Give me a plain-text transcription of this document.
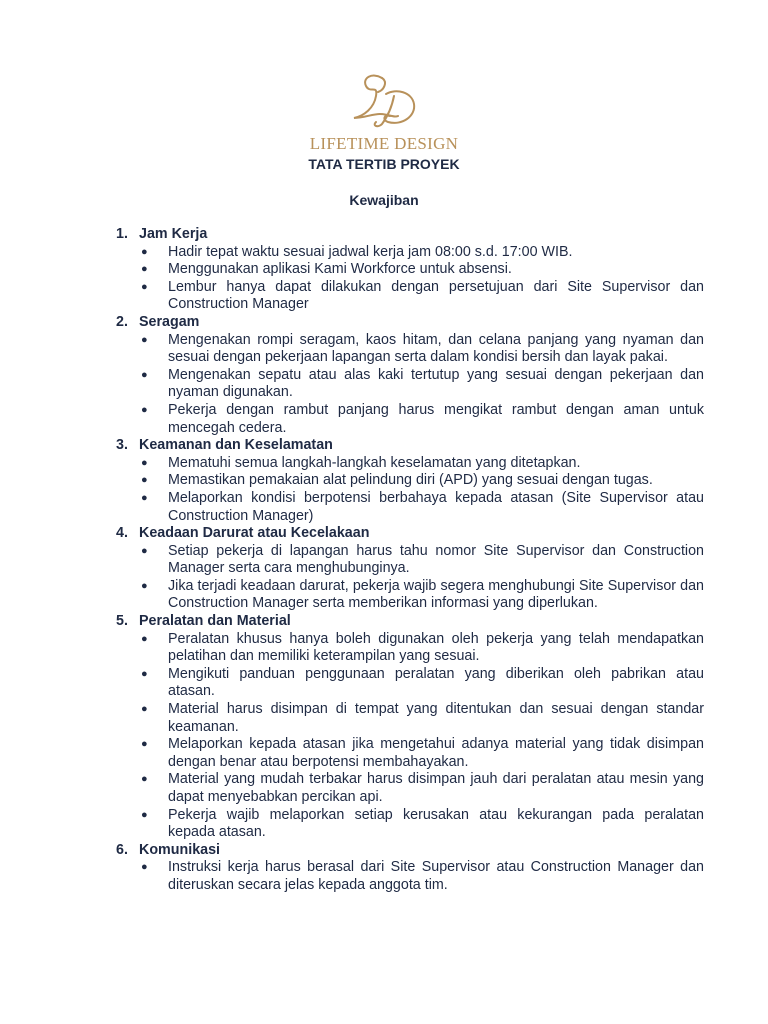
LIFETIME DESIGN
TATA TERTIB PROYEK
Kewajiban
1. Jam Kerja
●	Hadir tepat waktu sesuai jadwal kerja jam 08:00 s.d. 17:00 WIB.
●	Menggunakan aplikasi Kami Workforce untuk absensi.
●	Lembur hanya dapat dilakukan dengan persetujuan dari Site Supervisor dan Construction Manager
2. Seragam
●	Mengenakan rompi seragam, kaos hitam, dan celana panjang yang nyaman dan sesuai dengan pekerjaan lapangan serta dalam kondisi bersih dan layak pakai.
●	Mengenakan sepatu atau alas kaki tertutup yang sesuai dengan pekerjaan dan nyaman digunakan.
●	Pekerja dengan rambut panjang harus mengikat rambut dengan aman untuk mencegah cedera.
3. Keamanan dan Keselamatan
●	Mematuhi semua langkah-langkah keselamatan yang ditetapkan.
●	Memastikan pemakaian alat pelindung diri (APD) yang sesuai dengan tugas.
●	Melaporkan kondisi berpotensi berbahaya kepada atasan (Site Supervisor atau Construction Manager)
4. Keadaan Darurat atau Kecelakaan
●	Setiap pekerja di lapangan harus tahu nomor Site Supervisor dan Construction Manager serta cara menghubunginya.
●	Jika terjadi keadaan darurat, pekerja wajib segera menghubungi Site Supervisor dan Construction Manager serta memberikan informasi yang diperlukan.
5. Peralatan dan Material
●	Peralatan khusus hanya boleh digunakan oleh pekerja yang telah mendapatkan pelatihan dan memiliki keterampilan yang sesuai.
●	Mengikuti panduan penggunaan peralatan yang diberikan oleh pabrikan atau atasan.
●	Material harus disimpan di tempat yang ditentukan dan sesuai dengan standar keamanan.
●	Melaporkan kepada atasan jika mengetahui adanya material yang tidak disimpan dengan benar atau berpotensi membahayakan.
●	Material yang mudah terbakar harus disimpan jauh dari peralatan atau mesin yang dapat menyebabkan percikan api.
●	Pekerja wajib melaporkan setiap kerusakan atau kekurangan pada peralatan kepada atasan.
6. Komunikasi
●	Instruksi kerja harus berasal dari Site Supervisor atau Construction Manager dan diteruskan secara jelas kepada anggota tim.
